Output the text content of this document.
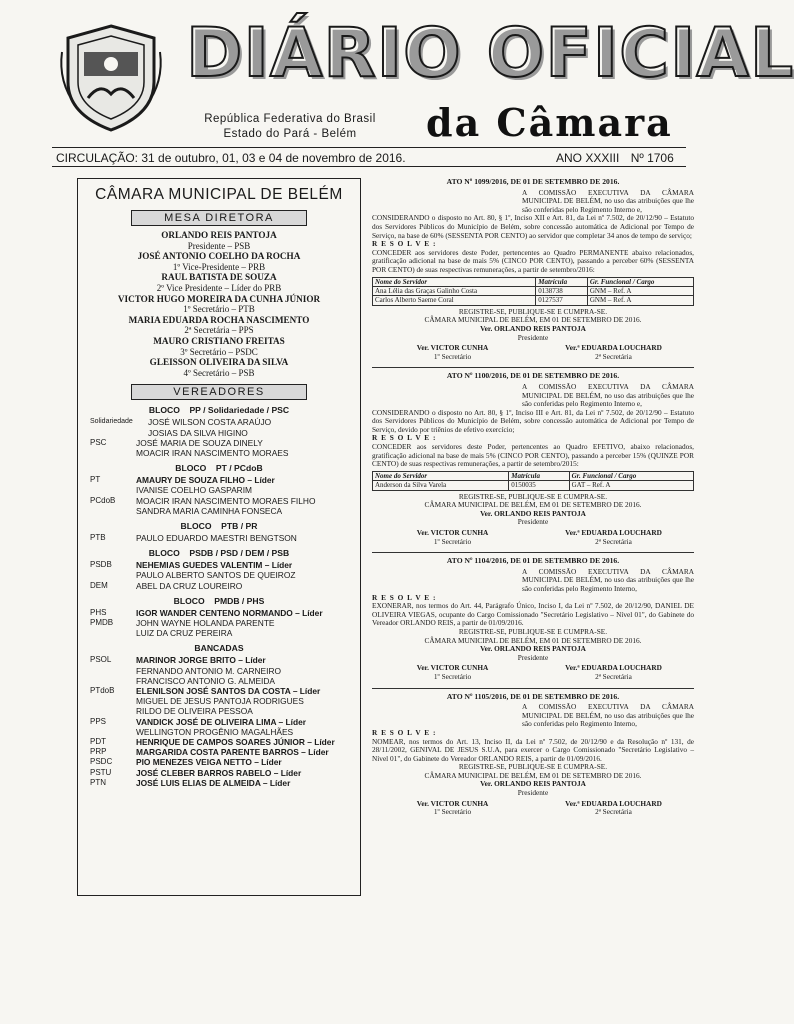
DIÁRIO OFICIAL
República Federativa do Brasil
Estado do Pará - Belém	da Câmara
CIRCULAÇÃO: 31 de outubro, 01, 03 e 04 de novembro de 2016.	ANO XXXIII Nº 1706
CÂMARA MUNICIPAL DE BELÉM
MESA DIRETORA
ORLANDO REIS PANTOJA
Presidente – PSB
JOSÉ ANTONIO COELHO DA ROCHA
1º Vice-Presidente – PRB
RAUL BATISTA DE SOUZA
2º Vice Presidente – Líder do PRB
VICTOR HUGO MOREIRA DA CUNHA JÚNIOR
1º Secretário – PTB
MARIA EDUARDA ROCHA NASCIMENTO
2ª Secretária – PPS
MAURO CRISTIANO FREITAS
3º Secretário – PSDC
GLEISSON OLIVEIRA DA SILVA
4º Secretário – PSB
VEREADORES
BLOCO PP / Solidariedade / PSC
Solidariedade	JOSÉ WILSON COSTA ARAÚJO
JOSIAS DA SILVA HIGINO
PSC	JOSÉ MARIA DE SOUZA DINELY
MOACIR IRAN NASCIMENTO MORAES
BLOCO PT / PCdoB
PT	AMAURY DE SOUZA FILHO – Líder
IVANISE COELHO GASPARIM
PCdoB	MOACIR IRAN NASCIMENTO MORAES FILHO
SANDRA MARIA CAMINHA FONSECA
BLOCO PTB / PR
PTB	PAULO EDUARDO MAESTRI BENGTSON
BLOCO PSDB / PSD / DEM / PSB
PSDB	NEHEMIAS GUEDES VALENTIM – Líder
PAULO ALBERTO SANTOS DE QUEIROZ
DEM	ABEL DA CRUZ LOUREIRO
BLOCO PMDB / PHS
PHS	IGOR WANDER CENTENO NORMANDO – Líder
PMDB	JOHN WAYNE HOLANDA PARENTE
LUIZ DA CRUZ PEREIRA
BANCADAS
PSOL	MARINOR JORGE BRITO – Líder
FERNANDO ANTONIO M. CARNEIRO
FRANCISCO ANTONIO G. ALMEIDA
PTdoB	ELENILSON JOSÉ SANTOS DA COSTA – Líder
MIGUEL DE JESUS PANTOJA RODRIGUES
RILDO DE OLIVEIRA PESSOA
PPS	VANDICK JOSÉ DE OLIVEIRA LIMA – Líder
WELLINGTON PROGÊNIO MAGALHÃES
PDT	HENRIQUE DE CAMPOS SOARES JÚNIOR – Líder
PRP	MARGARIDA COSTA PARENTE BARROS – Líder
PSDC	PIO MENEZES VEIGA NETTO – Líder
PSTU	JOSÉ CLEBER BARROS RABELO – Líder
PTN	JOSÉ LUIS ELIAS DE ALMEIDA – Líder
ATO Nº 1099/2016, DE 01 DE SETEMBRO DE 2016.
A COMISSÃO EXECUTIVA DA CÂMARA MUNICIPAL DE BELÉM, no uso das atribuições que lhe são conferidas pelo Regimento Interno e,

CONSIDERANDO o disposto no Art. 80, § 1º, Inciso XII e Art. 81, da Lei nº 7.502, de 20/12/90 – Estatuto dos Servidores Públicos do Município de Belém, sobre concessão automática de Adicional por Tempo de Serviço, na base de 60% (SESSENTA POR CENTO) ao servidor que completar 34 anos de tempo de serviço;

R E S O L V E :

CONCEDER aos servidores deste Poder, pertencentes ao Quadro PERMANENTE abaixo relacionados, gratificação adicional na base de mais 5% (CINCO POR CENTO), passando a perceber 60% (SESSENTA POR CENTO) de suas respectivas remunerações, a partir de setembro/2016:

Nome do Servidor	Matrícula	Gr. Funcional / Cargo
Ana Lélia das Graças Galinho Costa	0138738	GNM – Ref. A
Carlos Alberto Saeme Coral	0127537	GNM – Ref. A
REGISTRE-SE, PUBLIQUE-SE E CUMPRA-SE.
CÂMARA MUNICIPAL DE BELÉM, EM 01 DE SETEMBRO DE 2016.
Ver. ORLANDO REIS PANTOJA
Presidente
Ver. VICTOR CUNHA
1º Secretário
Ver.ª EDUARDA LOUCHARD
2ª Secretária
ATO Nº 1100/2016, DE 01 DE SETEMBRO DE 2016.
A COMISSÃO EXECUTIVA DA CÂMARA MUNICIPAL DE BELÉM, no uso das atribuições que lhe são conferidas pelo Regimento Interno e,

CONSIDERANDO o disposto no Art. 80, § 1º, Inciso III e Art. 81, da Lei nº 7.502, de 20/12/90 – Estatuto dos Servidores Públicos do Município de Belém, sobre concessão automática de Adicional por Tempo de Serviço, devido por triênios de efetivo exercício;

R E S O L V E :

CONCEDER aos servidores deste Poder, pertencentes ao Quadro EFETIVO, abaixo relacionados, gratificação adicional na base de mais 5% (CINCO POR CENTO), passando a perceber 15% (QUINZE POR CENTO) de suas respectivas remunerações, a partir de setembro/2015:

Nome do Servidor	Matrícula	Gr. Funcional / Cargo
Anderson da Silva Varela	0150035	GAT – Ref. A
REGISTRE-SE, PUBLIQUE-SE E CUMPRA-SE.
CÂMARA MUNICIPAL DE BELÉM, EM 01 DE SETEMBRO DE 2016.
Ver. ORLANDO REIS PANTOJA
Presidente
Ver. VICTOR CUNHA
1º Secretário
Ver.ª EDUARDA LOUCHARD
2ª Secretária
ATO Nº 1104/2016, DE 01 DE SETEMBRO DE 2016.
A COMISSÃO EXECUTIVA DA CÂMARA MUNICIPAL DE BELÉM, no uso das atribuições que lhe são conferidas pelo Regimento Interno,
R E S O L V E :

EXONERAR, nos termos do Art. 44, Parágrafo Único, Inciso I, da Lei nº 7.502, de 20/12/90, DANIEL DE OLIVEIRA VIEGAS, ocupante do Cargo Comissionado "Secretário Legislativo – Nível 01", do Gabinete do Vereador ORLANDO REIS, a partir de 01/09/2016.

REGISTRE-SE, PUBLIQUE-SE E CUMPRA-SE.
CÂMARA MUNICIPAL DE BELÉM, EM 01 DE SETEMBRO DE 2016.
Ver. ORLANDO REIS PANTOJA
Presidente
Ver. VICTOR CUNHA
1º Secretário
Ver.ª EDUARDA LOUCHARD
2ª Secretária
ATO Nº 1105/2016, DE 01 DE SETEMBRO DE 2016.
A COMISSÃO EXECUTIVA DA CÂMARA MUNICIPAL DE BELÉM, no uso das atribuições que lhe são conferidas pelo Regimento Interno,
R E S O L V E :

NOMEAR, nos termos do Art. 13, Inciso II, da Lei nº 7.502, de 20/12/90 e da Resolução nº 131, de 28/11/2002, GENIVAL DE JESUS S.U.A, para exercer o Cargo Comissionado "Secretário Legislativo – Nível 01", do Gabinete do Vereador ORLANDO REIS, a partir de 01/09/2016.

REGISTRE-SE, PUBLIQUE-SE E CUMPRA-SE.
CÂMARA MUNICIPAL DE BELÉM, EM 01 DE SETEMBRO DE 2016.
Ver. ORLANDO REIS PANTOJA
Presidente
Ver. VICTOR CUNHA
1º Secretário
Ver.ª EDUARDA LOUCHARD
2ª Secretária
